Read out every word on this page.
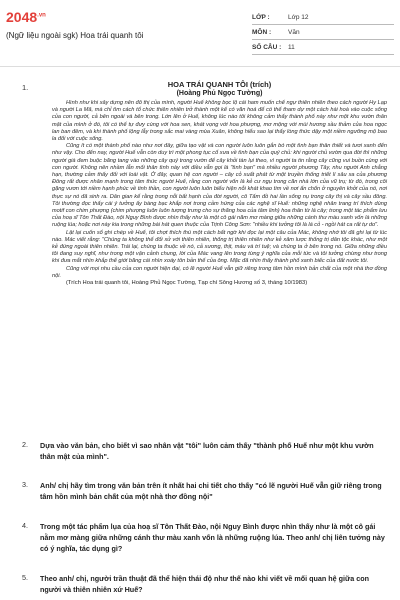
$2048^{.vn}$
(Ngữ liệu ngoài sgk) Hoa trái quanh tôi
LỚP :	Lớp 12
MÔN :	Văn
SỐ CÂU :	11
1.	HOA TRÁI QUANH TÔI (trích)
(Hoàng Phủ Ngọc Tường)

Hình như khi xây dựng nên đô thị của mình, người Huế không bọc lộ cái ham muốn chế ngự thiên nhiên theo cách người Hy Lạp và người La Mã, mà chỉ tìm cách tổ chức thiên nhiên trở thành một kế có văn hoá để có thể tham dự một cách hài hoà vào cuộc sống của con người, cả bên ngoài và bên trong. Lớn lên ở Huế, không lúc nào tôi không cảm thấy thành phố này như một khu vườn thân mật của mình ở đó, tôi có thể tự đưy cùng với hoa sen, khát vọng với hoa phượng, mơ mộng với mùi hương sầu thảm của hoa ngọc lan ban đêm, và khi thành phố lộng lẫy trong sắc mai vàng mùa Xuân, không hiểu sao lại thấy lòng thức dậy một niềm ngưỡng mộ bao la đối với cuộc sống.

Cũng ít có một thành phố nào như nơi đây, giữa tạo vật và con người luôn luôn gắn bó một tình bạn thân thiết và tươi xanh đến như vậy. Cho đến nay, người Huế vẫn còn duy trì một phong tục cổ xưa về tình bạn của quý chủ: khi người chủ vườn qua đời thì những người già đem buộc băng tang vào những cây quý trong vườn để cây khỏi tàn lụi theo, vì người ta tin rằng cây cũng vui buồn cùng với con người. Không nên nhầm lẫn mối thân tình này với điều vẫn gọi là "tình bạn" mà nhiều người phương Tây, nhu người Anh chẳng hạn, thường cảm thấy đối với loài vật. Ở đây, quan hệ con người – cây cỏ xuất phát từ một truyền thống triết lí sâu xa của phương Đông rất được nhân mạnh trong tâm thức người Huế, rằng con người vốn là kẻ cư ngụ trong căn nhà lớn của vũ trụ; từ đó, trong cõi gặng vươn tới niềm hạnh phúc về tinh thần, con người luôn luôn biểu hiện nỗi khát khao tìm về nơi ẩn chốn ở nguyên khởi của nó, nơi thực sự nó đã sinh ra. Dân gian kể rằng trong nỗi bất hạnh của đời người, cô Tấm đồ hai lần sống nụ trong cây thị và cây sầu đông. Tôi thường đọc thấy cái ý tưởng ấy bàng bạc khắp nơi trong cảm hứng của các nghệ sĩ Huế: những nghệ nhân trang trí thích dùng motif con chim phượng (chim phượng luôn luôn tượng trưng cho sự thăng hoa của tâm linh) hoa thân từ lá cây; trong một tác phẩm lưu của hoạ sĩ Tôn Thất Đào, nội Nguy Bình được nhìn thấy như là một cô gái năm mơ màng giữa những cánh thư màu xanh vốn là những ruộng lúa; hoặc nơi này kia trong những bài hát quen thuộc của Trịnh Công Sơn: "nhiều khi tưởng tôi là lá cỏ - ngồi hát ca rất tự do".

Lật lại cuốn sổ ghi chép về Huế, tôi chợt thích thú một cách bất ngờ khi đọc lại một câu của Mác, không nhớ tôi đã ghi lại từ lúc nào. Mác viết rằng: "Chúng ta không thể đối xử với thiên nhiên, thống trị thiên nhiên như kẻ xâm lược thống trị dân tộc khác, như một kẻ đứng ngoài thiên nhiên. Trái lại, chúng ta thuộc về nó, cả xương, thịt, máu và trí tuệ; và chúng ta ở bên trong nó. Giữa những điều tôi đang suy nghĩ, như trong một vận cảnh chung, lời của Mác vang lên trong từng ý nghĩa của mỗi tức và tôi tưởng chừng như trong khi đưa mắt nhìn khắp thế giới băng cái nhìn xoáy tôn bản thể của ông. Mặc đã nhìn thấy thành phố xanh biếc của đất nước tôi.

Cũng với mọi nhu cầu của con người hiện đại, có lẽ người Huế vẫn giữ riêng trong tâm hồn mình bản chất của một nhà thơ đồng nội.

(Trích Hoa trái quanh tôi, Hoàng Phủ Ngọc Tường, Tạp chí Sông Hương số 3, tháng 10/1983)

2. Dựa vào văn bản, cho biết vì sao nhân vật "tôi" luôn cảm thấy "thành phố Huế như một khu vườn thân mật của mình".
3. Anh/ chị hãy tìm trong văn bản trên ít nhất hai chi tiết cho thấy "có lẽ người Huế vẫn giữ riêng trong tâm hồn mình bản chất của một nhà thơ đồng nội"
4. Trong một tác phẩm lụa của hoạ sĩ Tôn Thất Đào, nội Nguy Bình được nhìn thấy như là một cô gái nằm mơ màng giữa những cánh thư màu xanh vốn là những ruộng lúa. Theo anh/ chị liên tưởng này có ý nghĩa, tác dụng gì?
5. Theo anh/ chị, người trần thuật đã thể hiện thái độ như thế nào khi viết về mối quan hệ giữa con người và thiên nhiên xứ Huế?
